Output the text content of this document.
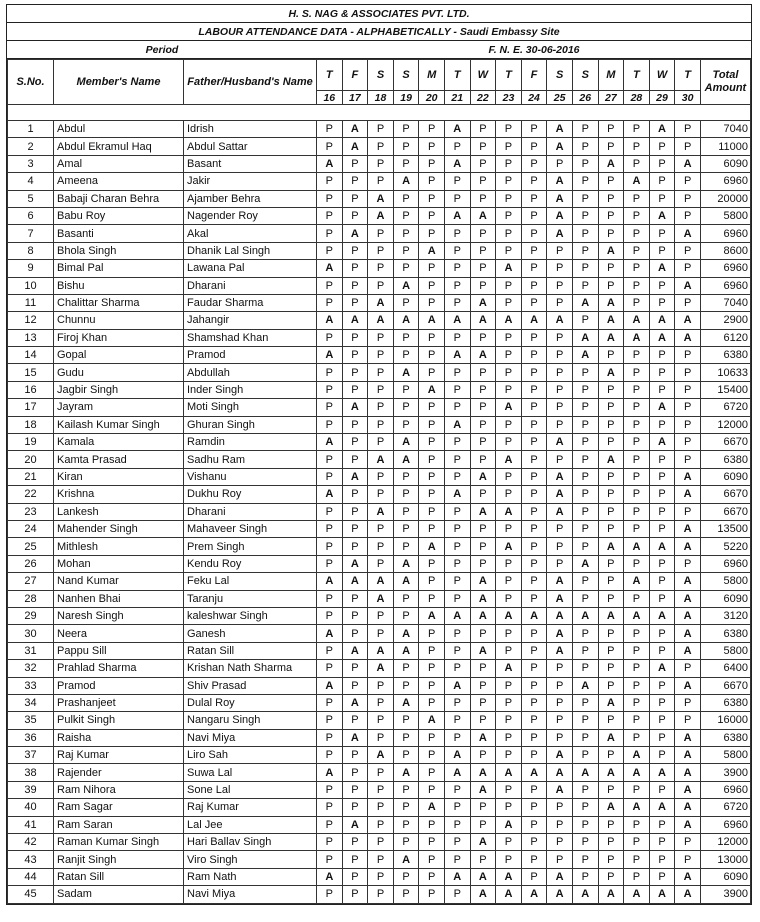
H. S. NAG & ASSOCIATES PVT. LTD.
LABOUR ATTENDANCE DATA - ALPHABETICALLY - Saudi Embassy Site
Period	F. N. E. 30-06-2016
S.No.	Member's Name	Father/Husband's Name	T	F	S	S	M	T	W	T	F	S	S	M	T	W	T	Total Amount
			16	17	18	19	20	21	22	23	24	25	26	27	28	29	30	

1	Abdul	Idrish	P	A	P	P	P	A	P	P	P	A	P	P	P	A	P	7040
2	Abdul Ekramul Haq	Abdul Sattar	P	A	P	P	P	P	P	P	P	A	P	P	P	P	P	11000
3	Amal	Basant	A	P	P	P	P	A	P	P	P	P	P	A	P	P	A	6090
4	Ameena	Jakir	P	P	P	A	P	P	P	P	P	A	P	P	A	P	P	6960
5	Babaji Charan Behra	Ajamber Behra	P	P	A	P	P	P	P	P	P	A	P	P	P	P	P	20000
6	Babu Roy	Nagender Roy	P	P	A	P	P	A	A	P	P	A	P	P	P	A	P	5800
7	Basanti	Akal	P	A	P	P	P	P	P	P	P	A	P	P	P	P	A	6960
8	Bhola Singh	Dhanik Lal Singh	P	P	P	P	A	P	P	P	P	P	P	A	P	P	P	8600
9	Bimal Pal	Lawana Pal	A	P	P	P	P	P	P	A	P	P	P	P	P	A	P	6960
10	Bishu	Dharani	P	P	P	A	P	P	P	P	P	P	P	P	P	P	A	6960
11	Chalittar Sharma	Faudar Sharma	P	P	A	P	P	P	A	P	P	P	A	A	P	P	P	7040
12	Chunnu	Jahangir	A	A	A	A	A	A	A	A	A	A	P	A	A	A	A	2900
13	Firoj Khan	Shamshad Khan	P	P	P	P	P	P	P	P	P	P	A	A	A	A	A	6120
14	Gopal	Pramod	A	P	P	P	P	A	A	P	P	P	A	P	P	P	P	6380
15	Gudu	Abdullah	P	P	P	A	P	P	P	P	P	P	P	A	P	P	P	10633
16	Jagbir Singh	Inder Singh	P	P	P	P	A	P	P	P	P	P	P	P	P	P	P	15400
17	Jayram	Moti Singh	P	A	P	P	P	P	P	A	P	P	P	P	P	A	P	6720
18	Kailash Kumar Singh	Ghuran Singh	P	P	P	P	P	A	P	P	P	P	P	P	P	P	P	12000
19	Kamala	Ramdin	A	P	P	A	P	P	P	P	P	A	P	P	P	A	P	6670
20	Kamta Prasad	Sadhu Ram	P	P	A	A	P	P	P	A	P	P	P	A	P	P	P	6380
21	Kiran	Vishanu	P	A	P	P	P	P	A	P	P	A	P	P	P	P	A	6090
22	Krishna	Dukhu Roy	A	P	P	P	P	A	P	P	P	A	P	P	P	P	A	6670
23	Lankesh	Dharani	P	P	A	P	P	P	A	A	P	A	P	P	P	P	P	6670
24	Mahender Singh	Mahaveer Singh	P	P	P	P	P	P	P	P	P	P	P	P	P	P	A	13500
25	Mithlesh	Prem Singh	P	P	P	P	A	P	P	A	P	P	P	A	A	A	A	5220
26	Mohan	Kendu Roy	P	A	P	A	P	P	P	P	P	P	A	P	P	P	P	6960
27	Nand Kumar	Feku Lal	A	A	A	A	P	P	A	P	P	A	P	P	A	P	A	5800
28	Nanhen Bhai	Taranju	P	P	A	P	P	P	A	P	P	A	P	P	P	P	A	6090
29	Naresh Singh	kaleshwar Singh	P	P	P	P	A	A	A	A	A	A	A	A	A	A	A	3120
30	Neera	Ganesh	A	P	P	A	P	P	P	P	P	A	P	P	P	P	A	6380
31	Pappu Sill	Ratan Sill	P	A	A	A	P	P	A	P	P	A	P	P	P	P	A	5800
32	Prahlad Sharma	Krishan Nath Sharma	P	P	A	P	P	P	P	A	P	P	P	P	P	A	P	6400
33	Pramod	Shiv Prasad	A	P	P	P	P	A	P	P	P	P	A	P	P	P	A	6670
34	Prashanjeet	Dulal Roy	P	A	P	A	P	P	P	P	P	P	P	A	P	P	P	6380
35	Pulkit Singh	Nangaru Singh	P	P	P	P	A	P	P	P	P	P	P	P	P	P	P	16000
36	Raisha	Navi Miya	P	A	P	P	P	P	A	P	P	P	P	A	P	P	A	6380
37	Raj Kumar	Liro Sah	P	P	A	P	P	A	P	P	P	A	P	P	A	P	A	5800
38	Rajender	Suwa Lal	A	P	P	A	P	A	A	A	A	A	A	A	A	A	A	3900
39	Ram Nihora	Sone Lal	P	P	P	P	P	P	A	P	P	A	P	P	P	P	A	6960
40	Ram Sagar	Raj Kumar	P	P	P	P	A	P	P	P	P	P	P	A	A	A	A	6720
41	Ram Saran	Lal Jee	P	A	P	P	P	P	P	A	P	P	P	P	P	P	A	6960
42	Raman Kumar Singh	Hari Ballav Singh	P	P	P	P	P	P	A	P	P	P	P	P	P	P	P	12000
43	Ranjit Singh	Viro Singh	P	P	P	A	P	P	P	P	P	P	P	P	P	P	P	13000
44	Ratan Sill	Ram Nath	A	P	P	P	P	A	A	A	P	A	P	P	P	P	A	6090
45	Sadam	Navi Miya	P	P	P	P	P	P	A	A	A	A	A	A	A	A	A	3900
